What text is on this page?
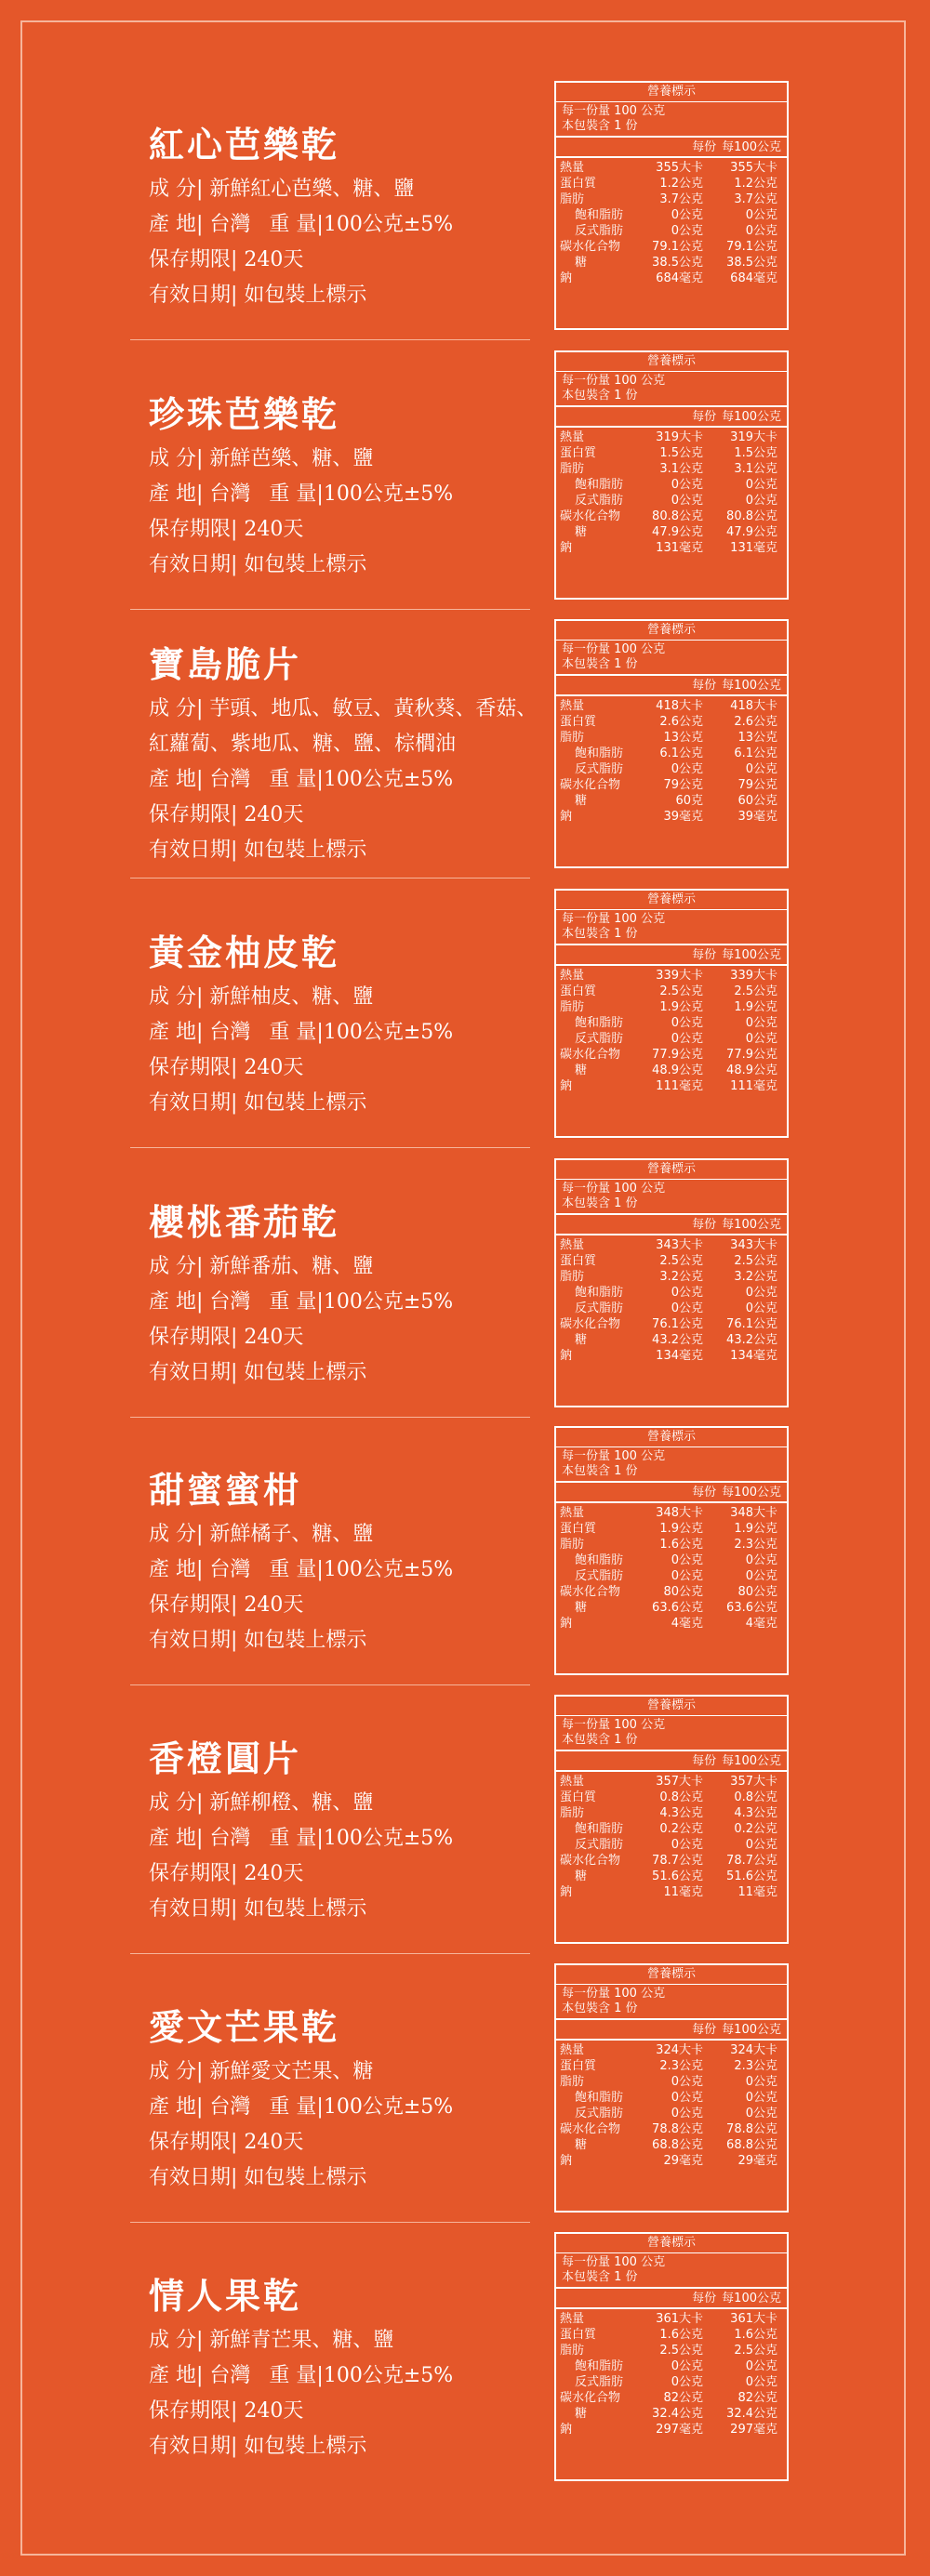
紅心芭樂乾
成 分| 新鮮紅心芭樂、糖、鹽
產 地| 台灣 重 量|100公克±5%
保存期限| 240天
有效日期| 如包裝上標示
營養標示
每一份量 100 公克
本包裝含 1 份
每份 每100公克
熱量	355大卡	355大卡
蛋白質	1.2公克	1.2公克
脂肪	3.7公克	3.7公克
飽和脂肪	0公克	0公克
反式脂肪	0公克	0公克
碳水化合物	79.1公克	79.1公克
糖	38.5公克	38.5公克
鈉	684毫克	684毫克
珍珠芭樂乾
成 分| 新鮮芭樂、糖、鹽
產 地| 台灣 重 量|100公克±5%
保存期限| 240天
有效日期| 如包裝上標示
營養標示
每一份量 100 公克
本包裝含 1 份
每份 每100公克
熱量	319大卡	319大卡
蛋白質	1.5公克	1.5公克
脂肪	3.1公克	3.1公克
飽和脂肪	0公克	0公克
反式脂肪	0公克	0公克
碳水化合物	80.8公克	80.8公克
糖	47.9公克	47.9公克
鈉	131毫克	131毫克
寶島脆片
成 分| 芋頭、地瓜、敏豆、黃秋葵、香菇、紅蘿蔔、紫地瓜、糖、鹽、棕櫚油
產 地| 台灣 重 量|100公克±5%
保存期限| 240天
有效日期| 如包裝上標示
營養標示
每一份量 100 公克
本包裝含 1 份
每份 每100公克
熱量	418大卡	418大卡
蛋白質	2.6公克	2.6公克
脂肪	13公克	13公克
飽和脂肪	6.1公克	6.1公克
反式脂肪	0公克	0公克
碳水化合物	79公克	79公克
糖	60克	60公克
鈉	39毫克	39毫克
黃金柚皮乾
成 分| 新鮮柚皮、糖、鹽
產 地| 台灣 重 量|100公克±5%
保存期限| 240天
有效日期| 如包裝上標示
營養標示
每一份量 100 公克
本包裝含 1 份
每份 每100公克
熱量	339大卡	339大卡
蛋白質	2.5公克	2.5公克
脂肪	1.9公克	1.9公克
飽和脂肪	0公克	0公克
反式脂肪	0公克	0公克
碳水化合物	77.9公克	77.9公克
糖	48.9公克	48.9公克
鈉	111毫克	111毫克
櫻桃番茄乾
成 分| 新鮮番茄、糖、鹽
產 地| 台灣 重 量|100公克±5%
保存期限| 240天
有效日期| 如包裝上標示
營養標示
每一份量 100 公克
本包裝含 1 份
每份 每100公克
熱量	343大卡	343大卡
蛋白質	2.5公克	2.5公克
脂肪	3.2公克	3.2公克
飽和脂肪	0公克	0公克
反式脂肪	0公克	0公克
碳水化合物	76.1公克	76.1公克
糖	43.2公克	43.2公克
鈉	134毫克	134毫克
甜蜜蜜柑
成 分| 新鮮橘子、糖、鹽
產 地| 台灣 重 量|100公克±5%
保存期限| 240天
有效日期| 如包裝上標示
營養標示
每一份量 100 公克
本包裝含 1 份
每份 每100公克
熱量	348大卡	348大卡
蛋白質	1.9公克	1.9公克
脂肪	1.6公克	2.3公克
飽和脂肪	0公克	0公克
反式脂肪	0公克	0公克
碳水化合物	80公克	80公克
糖	63.6公克	63.6公克
鈉	4毫克	4毫克
香橙圓片
成 分| 新鮮柳橙、糖、鹽
產 地| 台灣 重 量|100公克±5%
保存期限| 240天
有效日期| 如包裝上標示
營養標示
每一份量 100 公克
本包裝含 1 份
每份 每100公克
熱量	357大卡	357大卡
蛋白質	0.8公克	0.8公克
脂肪	4.3公克	4.3公克
飽和脂肪	0.2公克	0.2公克
反式脂肪	0公克	0公克
碳水化合物	78.7公克	78.7公克
糖	51.6公克	51.6公克
鈉	11毫克	11毫克
愛文芒果乾
成 分| 新鮮愛文芒果、糖
產 地| 台灣 重 量|100公克±5%
保存期限| 240天
有效日期| 如包裝上標示
營養標示
每一份量 100 公克
本包裝含 1 份
每份 每100公克
熱量	324大卡	324大卡
蛋白質	2.3公克	2.3公克
脂肪	0公克	0公克
飽和脂肪	0公克	0公克
反式脂肪	0公克	0公克
碳水化合物	78.8公克	78.8公克
糖	68.8公克	68.8公克
鈉	29毫克	29毫克
情人果乾
成 分| 新鮮青芒果、糖、鹽
產 地| 台灣 重 量|100公克±5%
保存期限| 240天
有效日期| 如包裝上標示
營養標示
每一份量 100 公克
本包裝含 1 份
每份 每100公克
熱量	361大卡	361大卡
蛋白質	1.6公克	1.6公克
脂肪	2.5公克	2.5公克
飽和脂肪	0公克	0公克
反式脂肪	0公克	0公克
碳水化合物	82公克	82公克
糖	32.4公克	32.4公克
鈉	297毫克	297毫克
